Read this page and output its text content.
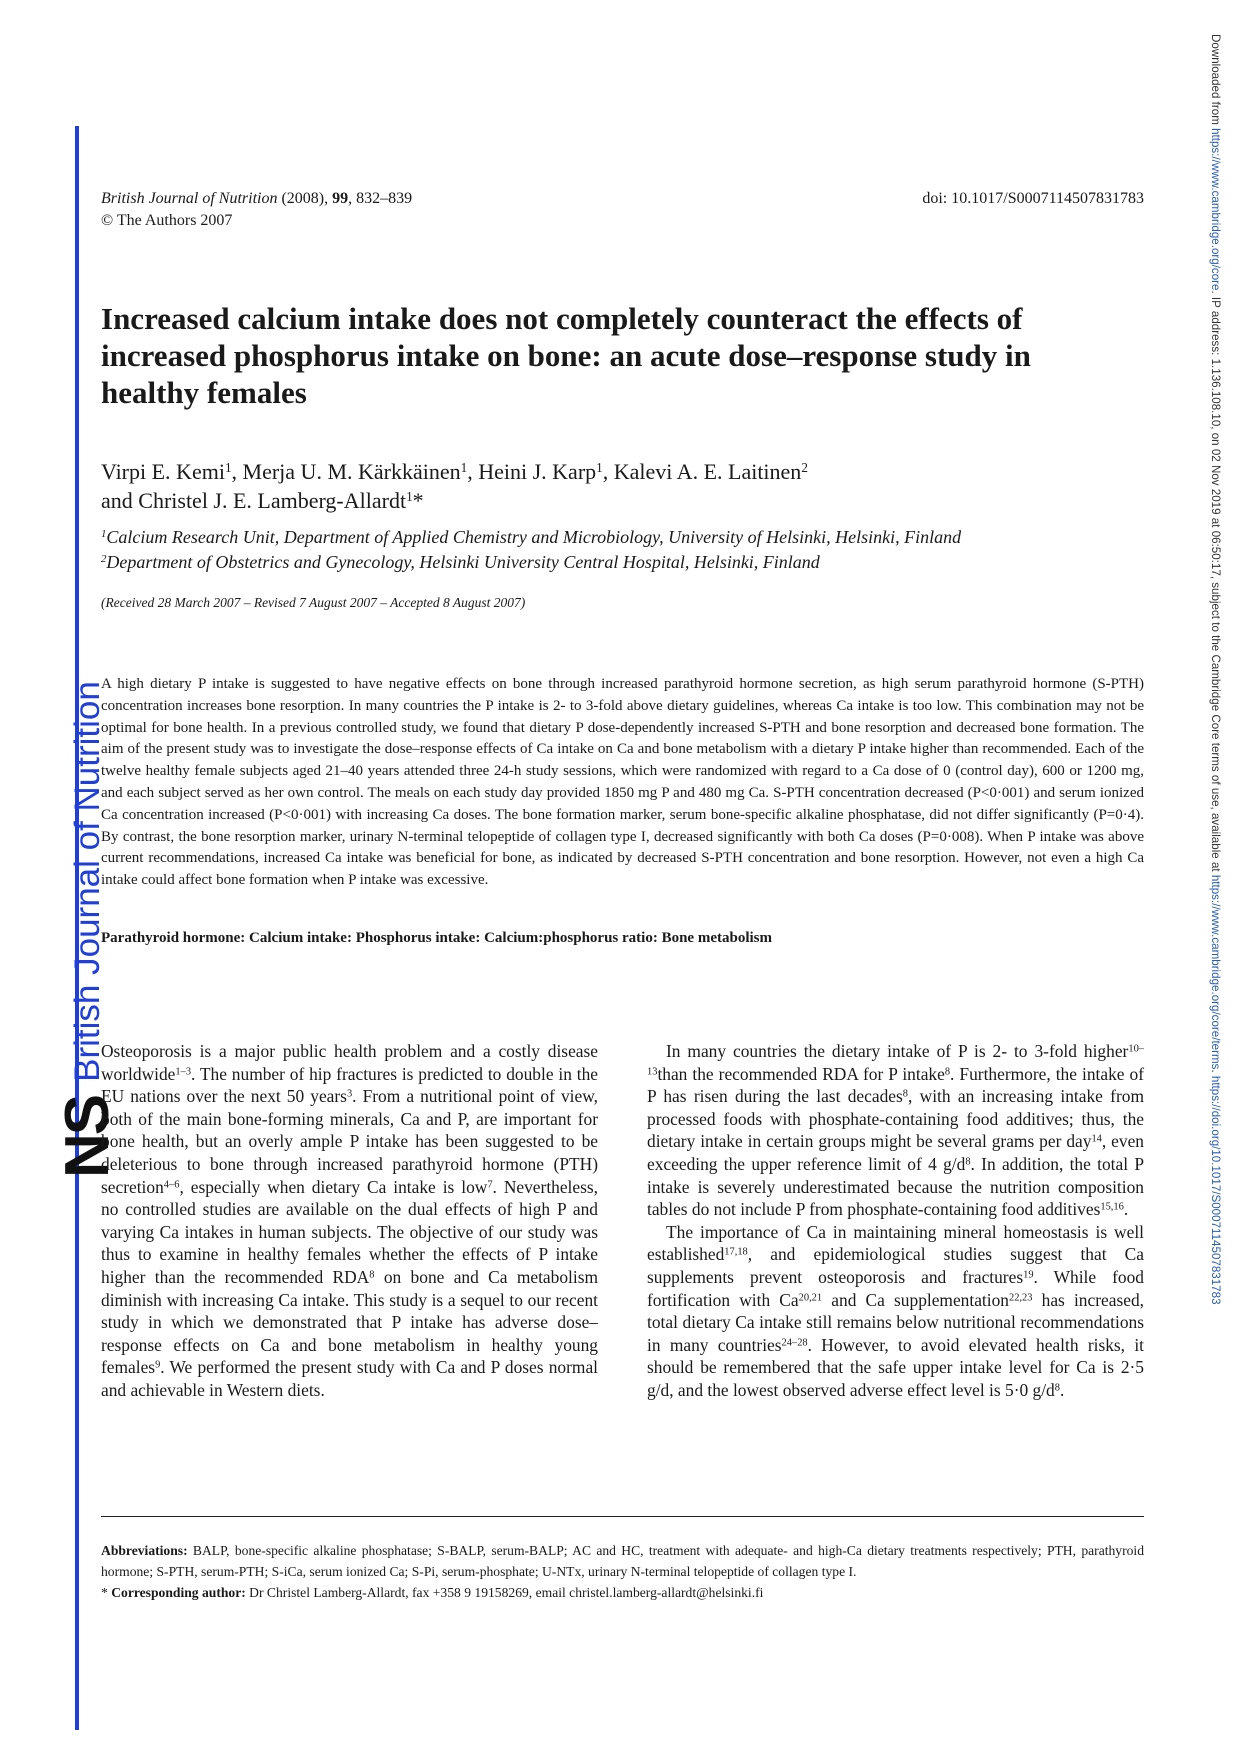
NSBritish Journal of Nutrition
Downloaded from https://www.cambridge.org/core. IP address: 1.136.108.10, on 02 Nov 2019 at 06:50:17, subject to the Cambridge Core terms of use, available at https://www.cambridge.org/core/terms. https://doi.org/10.1017/S0007114507831783
British Journal of Nutrition (2008), 99, 832–839
© The Authors 2007
doi: 10.1017/S0007114507831783
Increased calcium intake does not completely counteract the effects of increased phosphorus intake on bone: an acute dose–response study in healthy females
Virpi E. Kemi$^1$, Merja U. M. Kärkkäinen$^1$, Heini J. Karp$^1$, Kalevi A. E. Laitinen$^2$
and Christel J. E. Lamberg-Allardt$^1$*
$^1$Calcium Research Unit, Department of Applied Chemistry and Microbiology, University of Helsinki, Helsinki, Finland
$^2$Department of Obstetrics and Gynecology, Helsinki University Central Hospital, Helsinki, Finland
(Received 28 March 2007 – Revised 7 August 2007 – Accepted 8 August 2007)

A high dietary P intake is suggested to have negative effects on bone through increased parathyroid hormone secretion, as high serum parathyroid hormone (S-PTH) concentration increases bone resorption. In many countries the P intake is 2- to 3-fold above dietary guidelines, whereas Ca intake is too low. This combination may not be optimal for bone health. In a previous controlled study, we found that dietary P dose-dependently increased S-PTH and bone resorption and decreased bone formation. The aim of the present study was to investigate the dose–response effects of Ca intake on Ca and bone metabolism with a dietary P intake higher than recommended. Each of the twelve healthy female subjects aged 21–40 years attended three 24-h study sessions, which were randomized with regard to a Ca dose of 0 (control day), 600 or 1200 mg, and each subject served as her own control. The meals on each study day provided 1850 mg P and 480 mg Ca. S-PTH concentration decreased (P<0·001) and serum ionized Ca concentration increased (P<0·001) with increasing Ca doses. The bone formation marker, serum bone-specific alkaline phosphatase, did not differ significantly (P=0·4). By contrast, the bone resorption marker, urinary N-terminal telopeptide of collagen type I, decreased significantly with both Ca doses (P=0·008). When P intake was above current recommendations, increased Ca intake was beneficial for bone, as indicated by decreased S-PTH concentration and bone resorption. However, not even a high Ca intake could affect bone formation when P intake was excessive.

Parathyroid hormone: Calcium intake: Phosphorus intake: Calcium:phosphorus ratio: Bone metabolism

Osteoporosis is a major public health problem and a costly disease worldwide$^{1-3}$. The number of hip fractures is predicted to double in the EU nations over the next 50 years$^3$. From a nutritional point of view, both of the main bone-forming minerals, Ca and P, are important for bone health, but an overly ample P intake has been suggested to be deleterious to bone through increased parathyroid hormone (PTH) secretion$^{4-6}$, especially when dietary Ca intake is low$^7$. Nevertheless, no controlled studies are available on the dual effects of high P and varying Ca intakes in human subjects. The objective of our study was thus to examine in healthy females whether the effects of P intake higher than the recommended RDA$^8$ on bone and Ca metabolism diminish with increasing Ca intake. This study is a sequel to our recent study in which we demonstrated that P intake has adverse dose–response effects on Ca and bone metabolism in healthy young females$^9$. We performed the present study with Ca and P doses normal and achievable in Western diets.

In many countries the dietary intake of P is 2- to 3-fold higher$^{10-13}$than the recommended RDA for P intake$^8$. Furthermore, the intake of P has risen during the last decades$^8$, with an increasing intake from processed foods with phosphate-containing food additives; thus, the dietary intake in certain groups might be several grams per day$^{14}$, even exceeding the upper reference limit of 4 $g/d^8$. In addition, the total P intake is severely underestimated because the nutrition composition tables do not include P from phosphate-containing food additives$^{15,16}$.

The importance of Ca in maintaining mineral homeostasis is well established$^{17,18}$, and epidemiological studies suggest that Ca supplements prevent osteoporosis and fractures$^{19}$. While food fortification with Ca$^{20,21}$ and Ca supplementation$^{22,23}$ has increased, total dietary Ca intake still remains below nutritional recommendations in many countries$^{24-28}$. However, to avoid elevated health risks, it should be remembered that the safe upper intake level for Ca is 2·5 g/d, and the lowest observed adverse effect level is 5·0 $g/d^8$.

Abbreviations: BALP, bone-specific alkaline phosphatase; S-BALP, serum-BALP; AC and HC, treatment with adequate- and high-Ca dietary treatments respectively; PTH, parathyroid hormone; S-PTH, serum-PTH; S-iCa, serum ionized Ca; S-Pi, serum-phosphate; U-NTx, urinary N-terminal telopeptide of collagen type I.

* Corresponding author: Dr Christel Lamberg-Allardt, fax +358 9 19158269, email christel.lamberg-allardt@helsinki.fi
